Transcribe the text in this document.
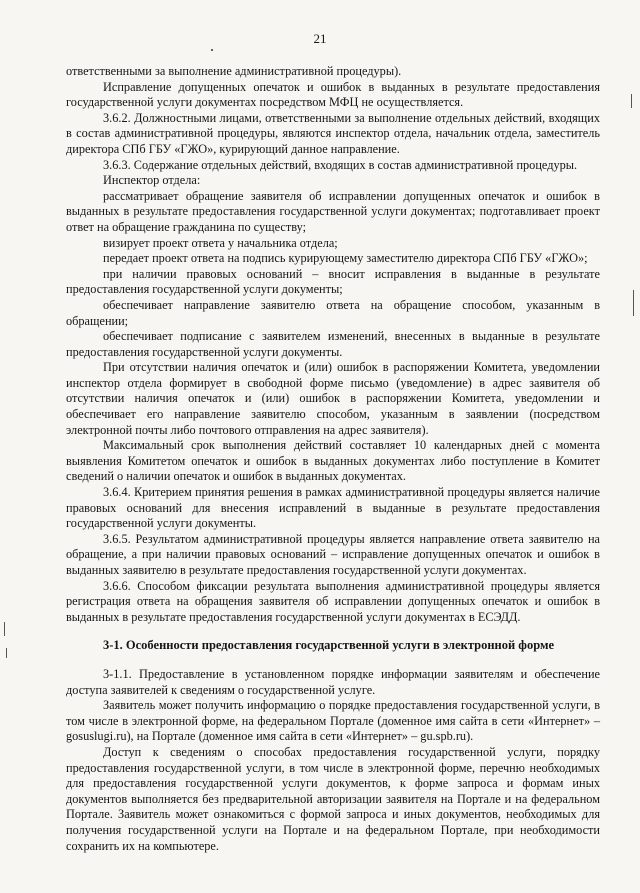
21

ответственными за выполнение административной процедуры).

Исправление допущенных опечаток и ошибок в выданных в результате предоставления государственной услуги документах посредством МФЦ не осуществляется.

3.6.2. Должностными лицами, ответственными за выполнение отдельных действий, входящих в состав административной процедуры, являются инспектор отдела, начальник отдела, заместитель директора СПб ГБУ «ГЖО», курирующий данное направление.

3.6.3. Содержание отдельных действий, входящих в состав административной процедуры.

Инспектор отдела:

рассматривает обращение заявителя об исправлении допущенных опечаток и ошибок в выданных в результате предоставления государственной услуги документах; подготавливает проект ответ на обращение гражданина по существу;

визирует проект ответа у начальника отдела;

передает проект ответа на подпись курирующему заместителю директора СПб ГБУ «ГЖО»;

при наличии правовых оснований – вносит исправления в выданные в результате предоставления государственной услуги документы;

обеспечивает направление заявителю ответа на обращение способом, указанным в обращении;

обеспечивает подписание с заявителем изменений, внесенных в выданные в результате предоставления государственной услуги документы.

При отсутствии наличия опечаток и (или) ошибок в распоряжении Комитета, уведомлении инспектор отдела формирует в свободной форме письмо (уведомление) в адрес заявителя об отсутствии наличия опечаток и (или) ошибок в распоряжении Комитета, уведомлении и обеспечивает его направление заявителю способом, указанным в заявлении (посредством электронной почты либо почтового отправления на адрес заявителя).

Максимальный срок выполнения действий составляет 10 календарных дней с момента выявления Комитетом опечаток и ошибок в выданных документах либо поступление в Комитет сведений о наличии опечаток и ошибок в выданных документах.

3.6.4. Критерием принятия решения в рамках административной процедуры является наличие правовых оснований для внесения исправлений в выданные в результате предоставления государственной услуги документы.

3.6.5. Результатом административной процедуры является направление ответа заявителю на обращение, а при наличии правовых оснований – исправление допущенных опечаток и ошибок в выданных заявителю в результате предоставления государственной услуги документах.

3.6.6. Способом фиксации результата выполнения административной процедуры является регистрация ответа на обращения заявителя об исправлении допущенных опечаток и ошибок в выданных в результате предоставления государственной услуги документах в ЕСЭДД.

3-1. Особенности предоставления государственной услуги в электронной форме

3-1.1. Предоставление в установленном порядке информации заявителям и обеспечение доступа заявителей к сведениям о государственной услуге.

Заявитель может получить информацию о порядке предоставления государственной услуги, в том числе в электронной форме, на федеральном Портале (доменное имя сайта в сети «Интернет» – gosuslugi.ru), на Портале (доменное имя сайта в сети «Интернет» – gu.spb.ru).

Доступ к сведениям о способах предоставления государственной услуги, порядку предоставления государственной услуги, в том числе в электронной форме, перечню необходимых для предоставления государственной услуги документов, к форме запроса и формам иных документов выполняется без предварительной авторизации заявителя на Портале и на федеральном Портале. Заявитель может ознакомиться с формой запроса и иных документов, необходимых для получения государственной услуги на Портале и на федеральном Портале, при необходимости сохранить их на компьютере.
